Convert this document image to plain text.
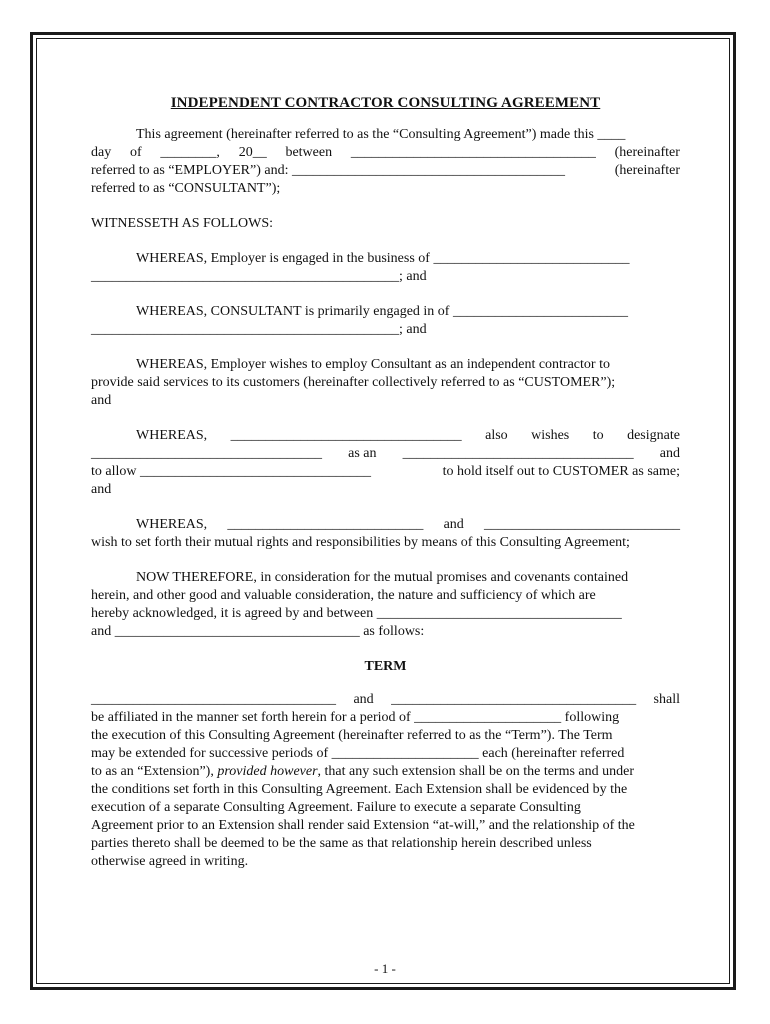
INDEPENDENT CONTRACTOR CONSULTING AGREEMENT
This agreement (hereinafter referred to as the “Consulting Agreement”) made this ____
day of ________, 20__ between ___________________________________ (hereinafter
referred to as “EMPLOYER”) and: _______________________________________	(hereinafter
referred to as “CONSULTANT”);
WITNESSETH AS FOLLOWS:
WHEREAS, Employer is engaged in the business of ____________________________
____________________________________________; and
WHEREAS, CONSULTANT is primarily engaged in of _________________________
____________________________________________; and
WHEREAS, Employer wishes to employ Consultant as an independent contractor to
provide said services to its customers (hereinafter collectively referred to as “CUSTOMER”);
and
WHEREAS, _________________________________ also wishes to designate
_________________________________ as an _________________________________ and
to allow _________________________________	to hold itself out to CUSTOMER as same;
and
WHEREAS, ____________________________ and ____________________________
wish to set forth their mutual rights and responsibilities by means of this Consulting Agreement;
NOW THEREFORE, in consideration for the mutual promises and covenants contained
herein, and other good and valuable consideration, the nature and sufficiency of which are
hereby acknowledged, it is agreed by and between ___________________________________
and ___________________________________ as follows:
TERM
___________________________________ and ___________________________________ shall
be affiliated in the manner set forth herein for a period of _____________________ following
the execution of this Consulting Agreement (hereinafter referred to as the “Term”). The Term
may be extended for successive periods of _____________________ each (hereinafter referred
to as an “Extension”), provided however, that any such extension shall be on the terms and under
the conditions set forth in this Consulting Agreement. Each Extension shall be evidenced by the
execution of a separate Consulting Agreement. Failure to execute a separate Consulting
Agreement prior to an Extension shall render said Extension “at-will,” and the relationship of the
parties thereto shall be deemed to be the same as that relationship herein described unless
otherwise agreed in writing.
- 1 -
